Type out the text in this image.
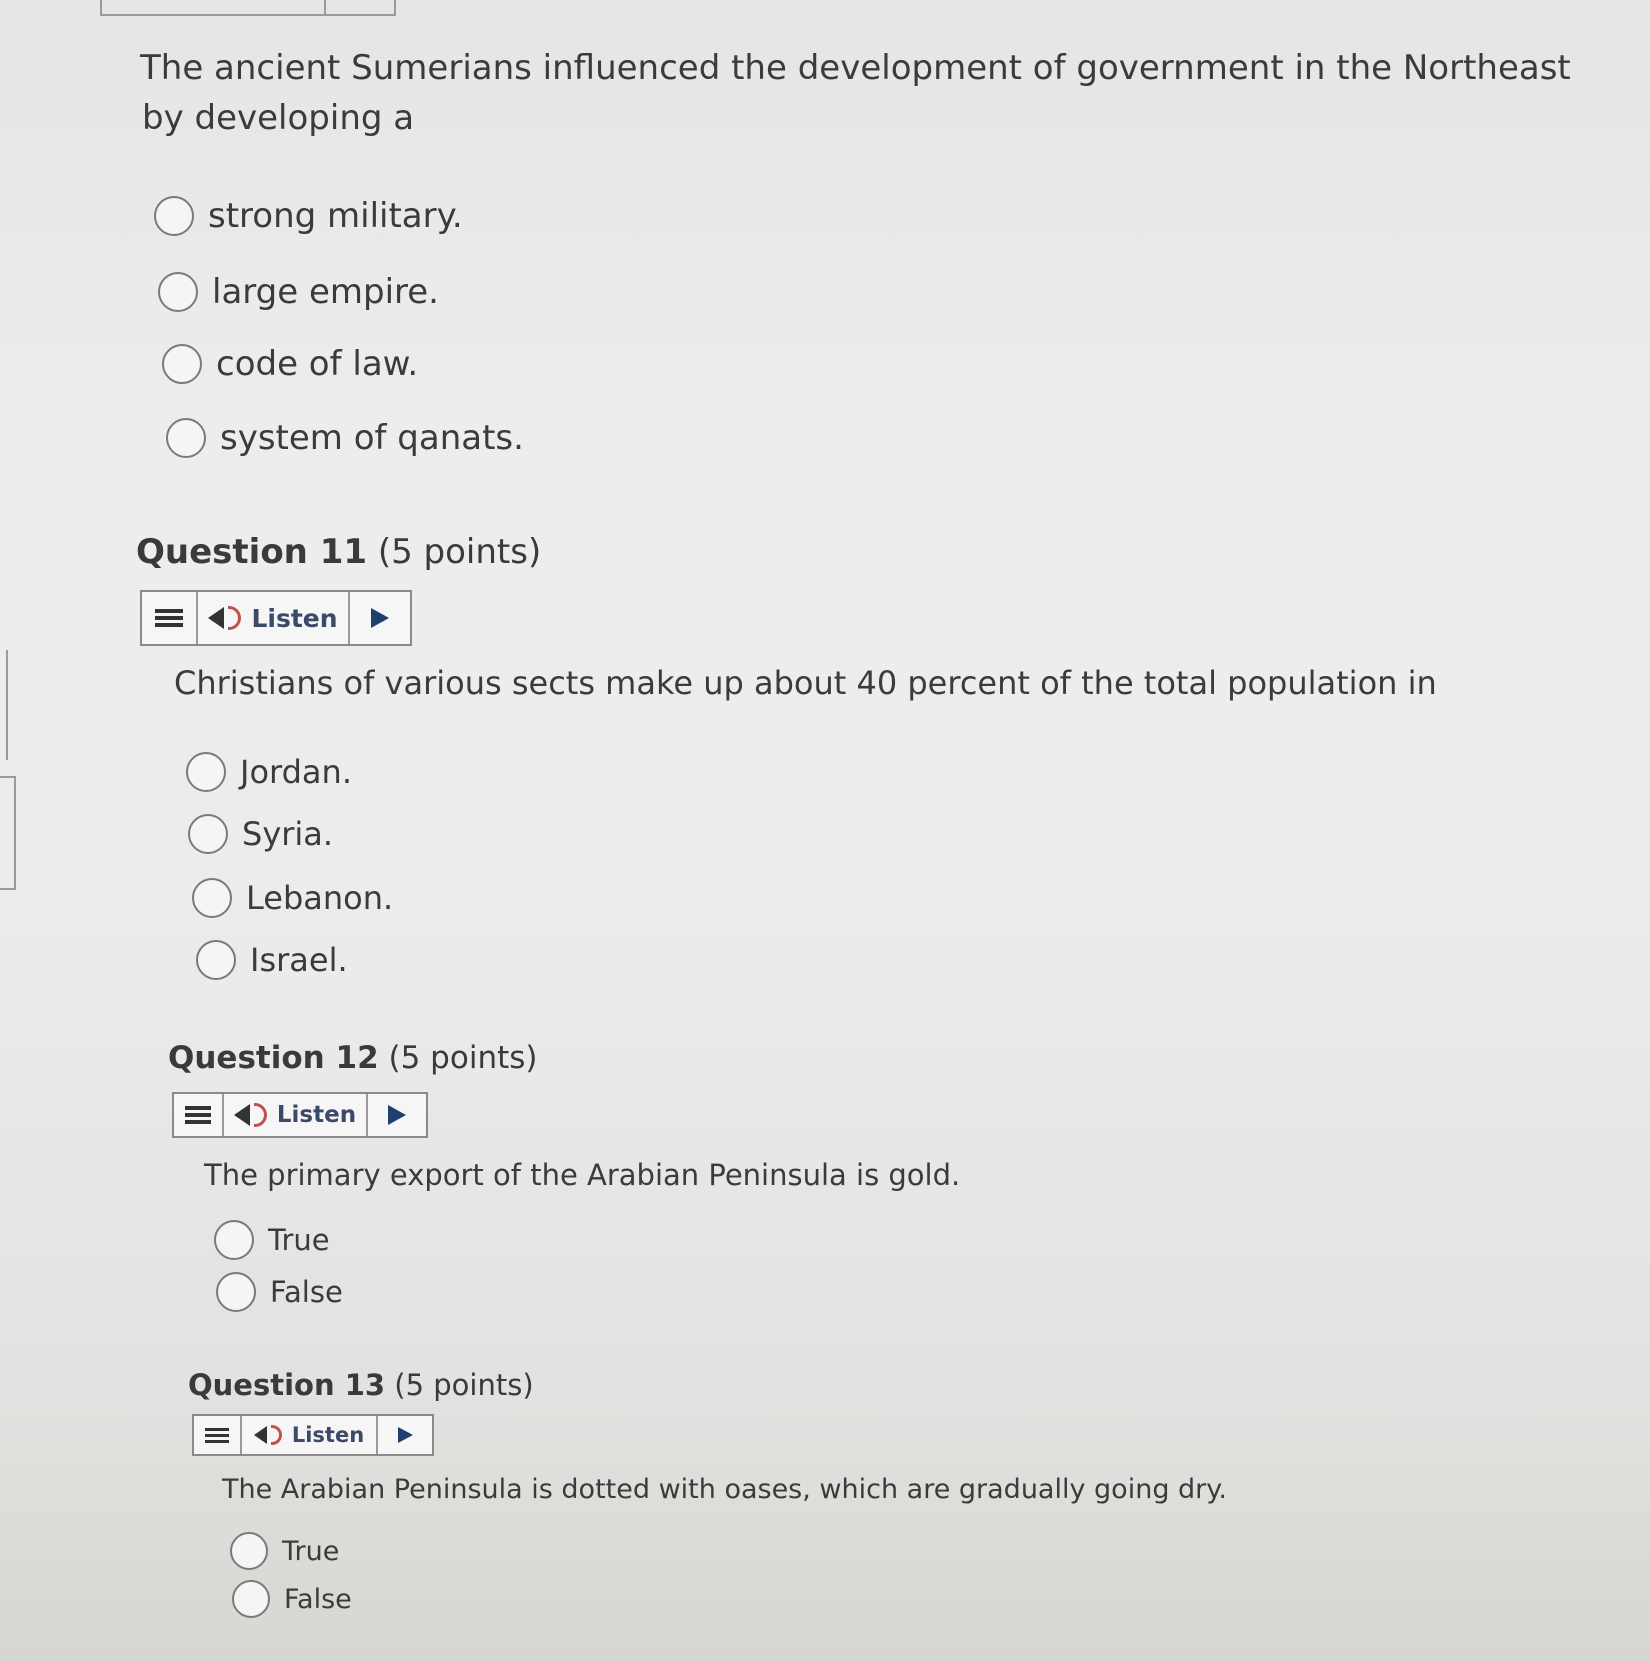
The ancient Sumerians influenced the development of government in the Northeast
by developing a
strong military.
large empire.
code of law.
system of qanats.
Question 11 (5 points)
Listen
Christians of various sects make up about 40 percent of the total population in
Jordan.
Syria.
Lebanon.
Israel.
Question 12 (5 points)
Listen
The primary export of the Arabian Peninsula is gold.
True
False
Question 13 (5 points)
Listen
The Arabian Peninsula is dotted with oases, which are gradually going dry.
True
False
